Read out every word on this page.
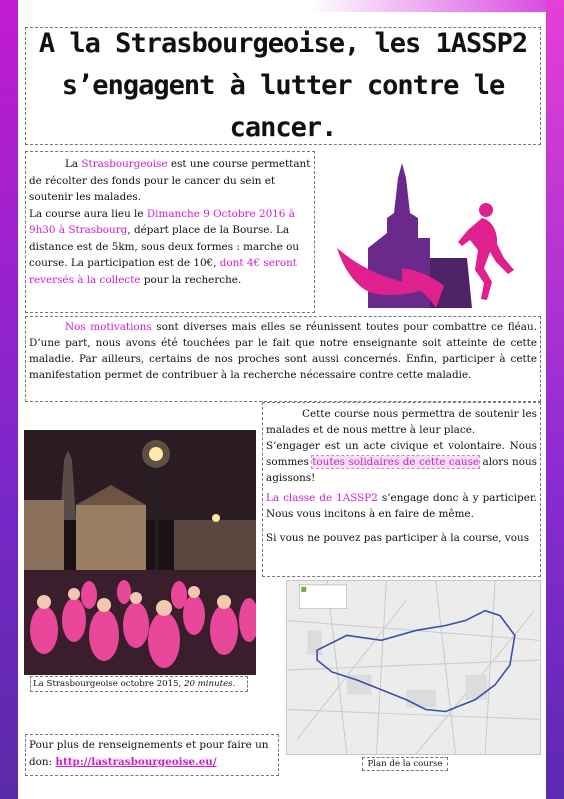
A la Strasbourgeoise, les 1ASSP2
s’engagent à lutter contre le cancer.
La Strasbourgeoise est une course permettant de récolter des fonds pour le cancer du sein et soutenir les malades.
La course aura lieu le Dimanche 9 Octobre 2016 à 9h30 à Strasbourg, départ place de la Bourse. La distance est de 5km, sous deux formes : marche ou course. La participation est de 10€, dont 4€ seront reversés à la collecte pour la recherche.
Nos motivations sont diverses mais elles se réunissent toutes pour combattre ce fléau. D’une part, nous avons été touchées par le fait que notre enseignante soit atteinte de cette maladie. Par ailleurs, certains de nos proches sont aussi concernés. Enfin, participer à cette manifestation permet de contribuer à la recherche nécessaire contre cette maladie.
La Strasbourgeoise octobre 2015, 20 minutes.
Cette course nous permettra de soutenir les malades et de nous mettre à leur place.
S’engager est un acte civique et volontaire. Nous sommes toutes solidaires de cette cause alors nous agissons!

La classe de 1ASSP2 s’engage donc à y participer. Nous vous incitons à en faire de même.

Si vous ne pouvez pas participer à la course, vous
Pour plus de renseignements et pour faire un don: http://lastrasbourgeoise.eu/	Plan de la course
